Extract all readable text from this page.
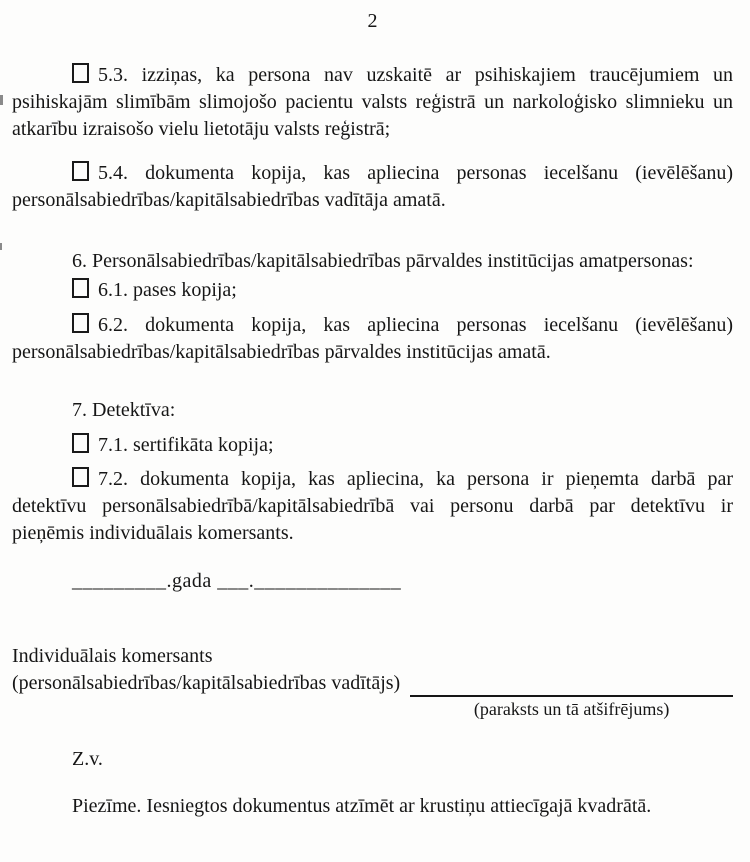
2

5.3. izziņas, ka persona nav uzskaitē ar psihiskajiem traucējumiem un psihiskajām slimībām slimojošo pacientu valsts reģistrā un narkoloģisko slimnieku un atkarību izraisošo vielu lietotāju valsts reģistrā;

5.4. dokumenta kopija, kas apliecina personas iecelšanu (ievēlēšanu) personālsabiedrības/kapitālsabiedrības vadītāja amatā.

6. Personālsabiedrības/kapitālsabiedrības pārvaldes institūcijas amatpersonas:

6.1. pases kopija;

6.2. dokumenta kopija, kas apliecina personas iecelšanu (ievēlēšanu) personālsabiedrības/kapitālsabiedrības pārvaldes institūcijas amatā.

7. Detektīva:

7.1. sertifikāta kopija;

7.2. dokumenta kopija, kas apliecina, ka persona ir pieņemta darbā par detektīvu personālsabiedrībā/kapitālsabiedrībā vai personu darbā par detektīvu ir pieņēmis individuālais komersants.

_________.gada ___.______________

Individuālais komersants
(personālsabiedrības/kapitālsabiedrības vadītājs)
(paraksts un tā atšifrējums)

Z.v.

Piezīme. Iesniegtos dokumentus atzīmēt ar krustiņu attiecīgajā kvadrātā.
